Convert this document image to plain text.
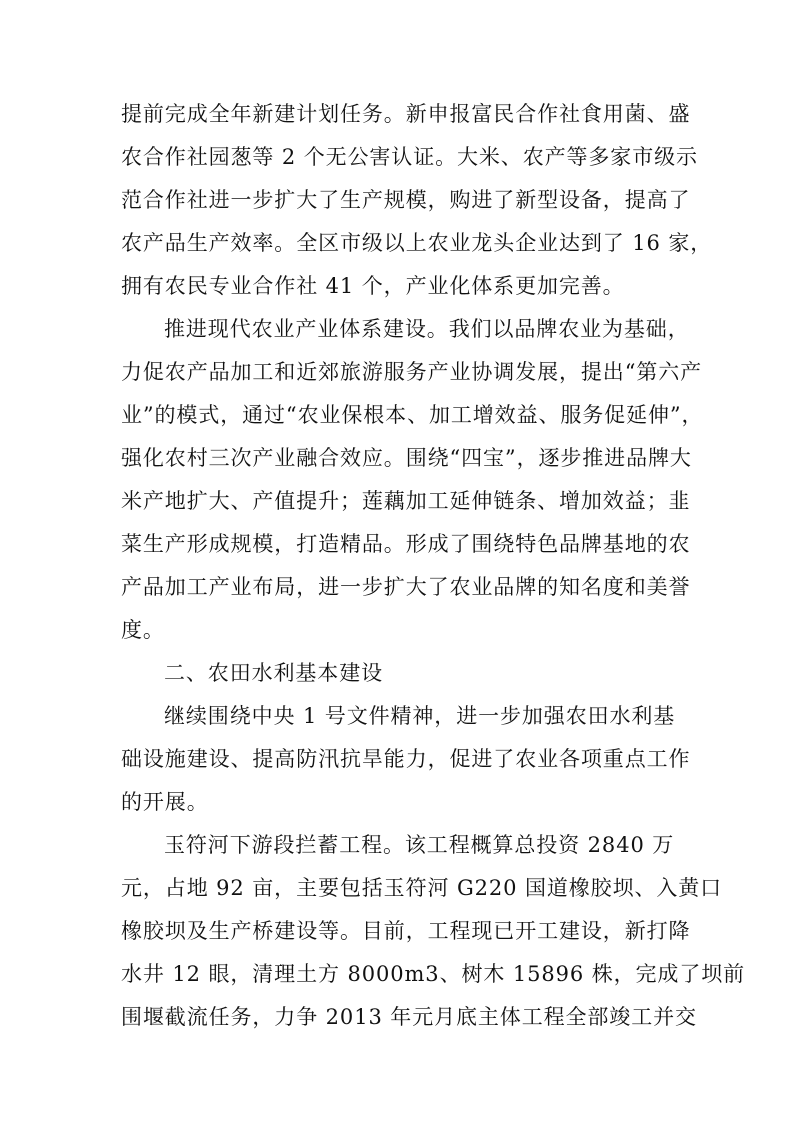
提前完成全年新建计划任务。新申报富民合作社食用菌、盛
农合作社园葱等 2 个无公害认证。大米、农产等多家市级示
范合作社进一步扩大了生产规模，购进了新型设备，提高了
农产品生产效率。全区市级以上农业龙头企业达到了 16 家，
拥有农民专业合作社 41 个，产业化体系更加完善。
推进现代农业产业体系建设。我们以品牌农业为基础，
力促农产品加工和近郊旅游服务产业协调发展，提出“第六产
业”的模式，通过“农业保根本、加工增效益、服务促延伸”，
强化农村三次产业融合效应。围绕“四宝”，逐步推进品牌大
米产地扩大、产值提升；莲藕加工延伸链条、增加效益；韭
菜生产形成规模，打造精品。形成了围绕特色品牌基地的农
产品加工产业布局，进一步扩大了农业品牌的知名度和美誉
度。
二、农田水利基本建设
继续围绕中央 1 号文件精神，进一步加强农田水利基
础设施建设、提高防汛抗旱能力，促进了农业各项重点工作
的开展。
玉符河下游段拦蓄工程。该工程概算总投资 2840 万
元，占地 92 亩，主要包括玉符河 G220 国道橡胶坝、入黄口
橡胶坝及生产桥建设等。目前，工程现已开工建设，新打降
水井 12 眼，清理土方 8000m3、树木 15896 株，完成了坝前
围堰截流任务，力争 2013 年元月底主体工程全部竣工并交
